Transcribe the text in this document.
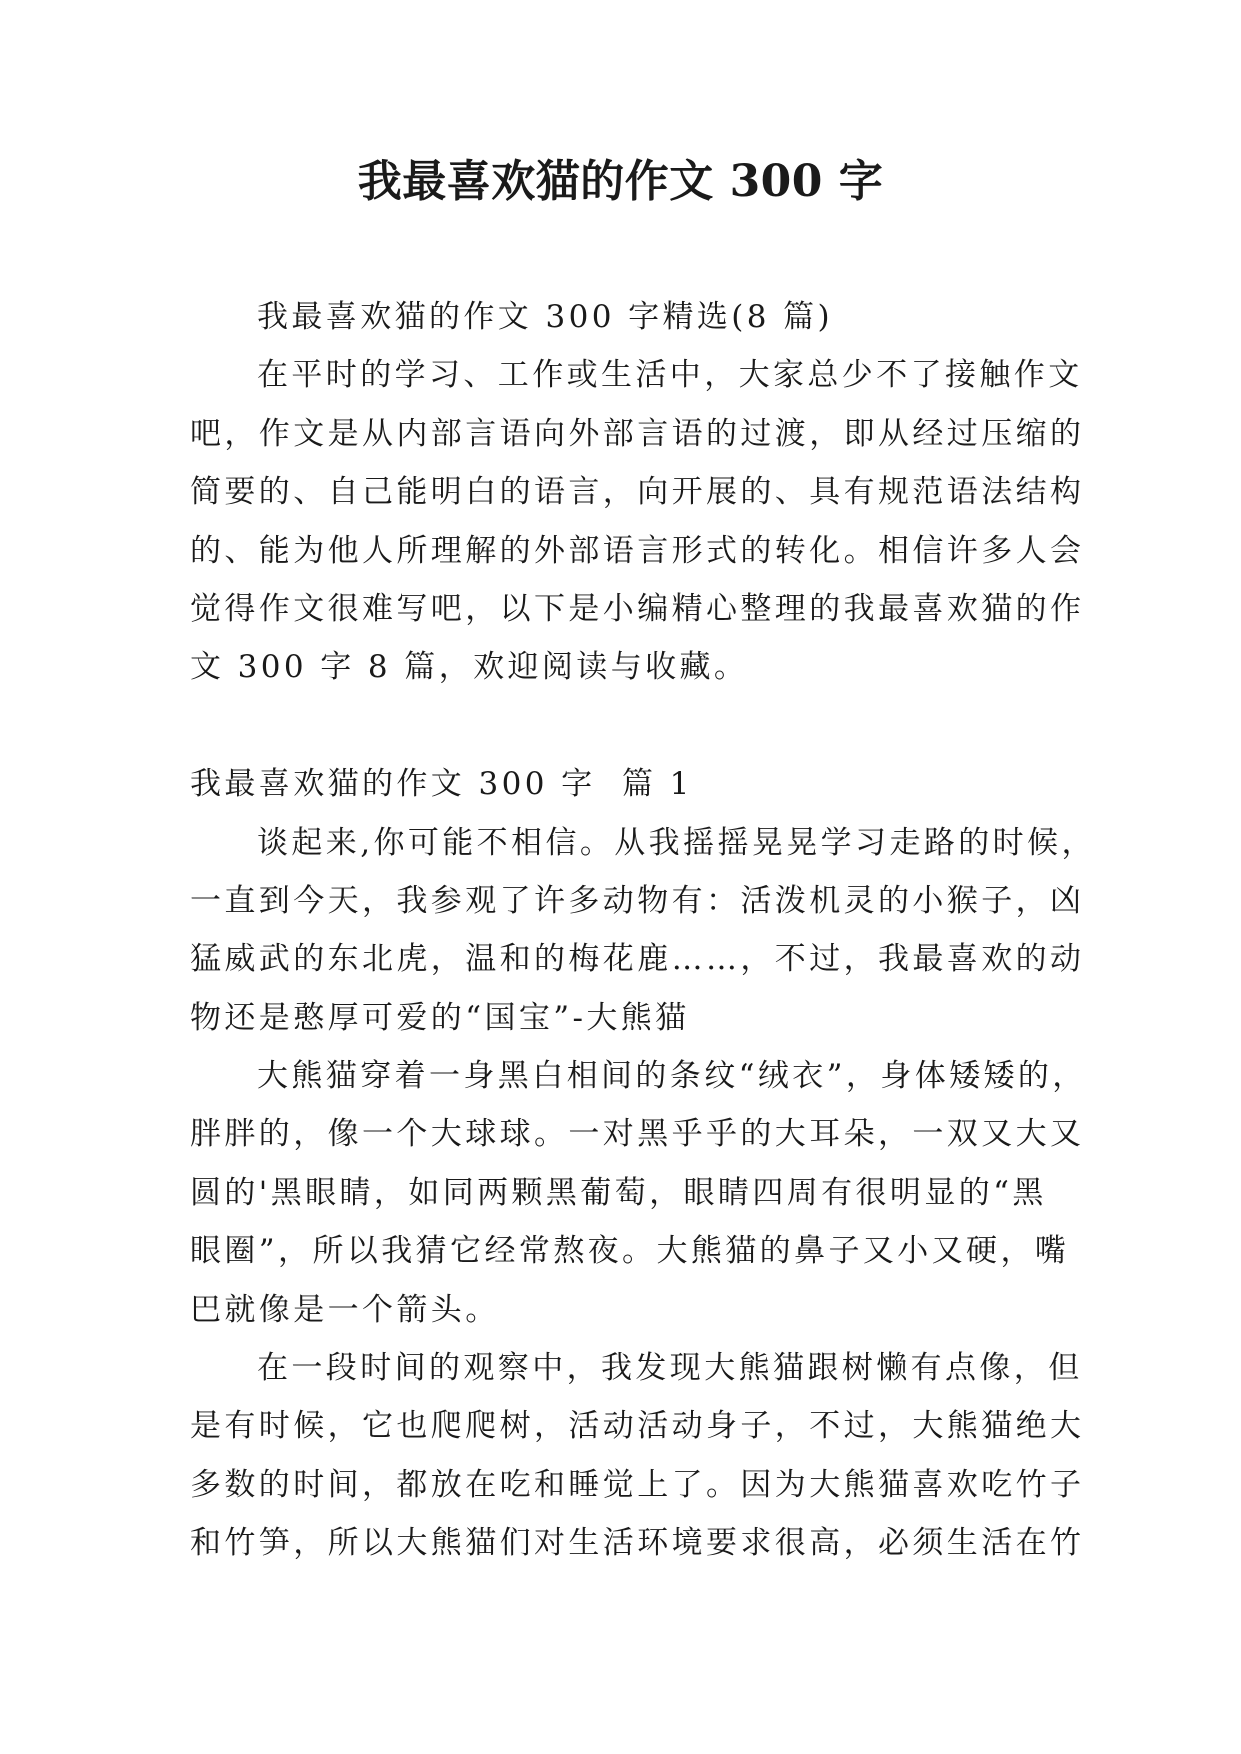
我最喜欢猫的作文 300 字
我最喜欢猫的作文 300 字精选(8 篇)
在平时的学习、工作或生活中，大家总少不了接触作文
吧，作文是从内部言语向外部言语的过渡，即从经过压缩的
简要的、自己能明白的语言，向开展的、具有规范语法结构
的、能为他人所理解的外部语言形式的转化。相信许多人会
觉得作文很难写吧，以下是小编精心整理的我最喜欢猫的作
文 300 字 8 篇，欢迎阅读与收藏。
我最喜欢猫的作文 300 字  篇 1
谈起来,你可能不相信。从我摇摇晃晃学习走路的时候，
一直到今天，我参观了许多动物有：活泼机灵的小猴子，凶
猛威武的东北虎，温和的梅花鹿……，不过，我最喜欢的动
物还是憨厚可爱的“国宝”-大熊猫
大熊猫穿着一身黑白相间的条纹“绒衣”，身体矮矮的，
胖胖的，像一个大球球。一对黑乎乎的大耳朵，一双又大又
圆的'黑眼睛，如同两颗黑葡萄，眼睛四周有很明显的“黑
眼圈”，所以我猜它经常熬夜。大熊猫的鼻子又小又硬，嘴
巴就像是一个箭头。
在一段时间的观察中，我发现大熊猫跟树懒有点像，但
是有时候，它也爬爬树，活动活动身子，不过，大熊猫绝大
多数的时间，都放在吃和睡觉上了。因为大熊猫喜欢吃竹子
和竹笋，所以大熊猫们对生活环境要求很高，必须生活在竹
